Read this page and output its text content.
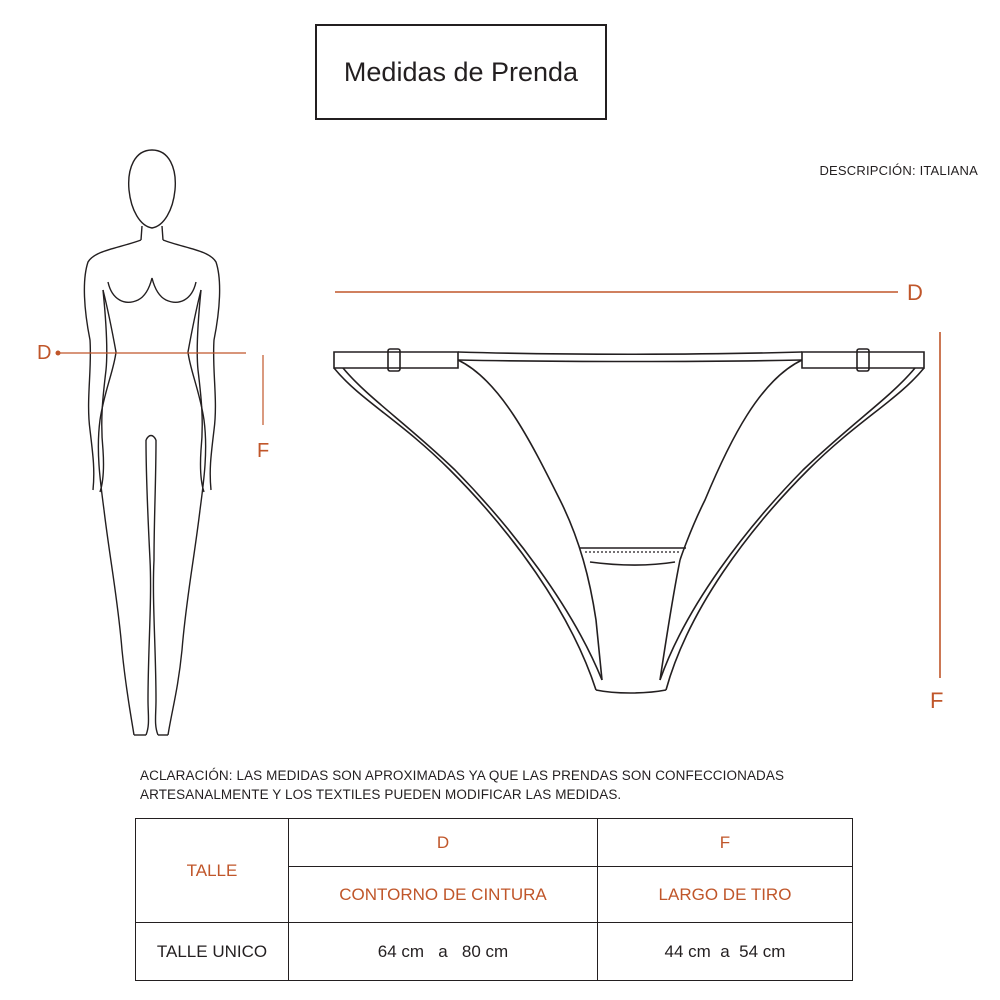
Medidas de Prenda
DESCRIPCIÓN: ITALIANA
D
F
D
F
ACLARACIÓN: LAS MEDIDAS SON APROXIMADAS YA QUE LAS PRENDAS SON CONFECCIONADAS
ARTESANALMENTE Y LOS TEXTILES PUEDEN MODIFICAR LAS MEDIDAS.
TALLE	D	F
	CONTORNO DE CINTURA	LARGO DE TIRO
TALLE UNICO	64 cm   a   80 cm	44 cm  a  54 cm
